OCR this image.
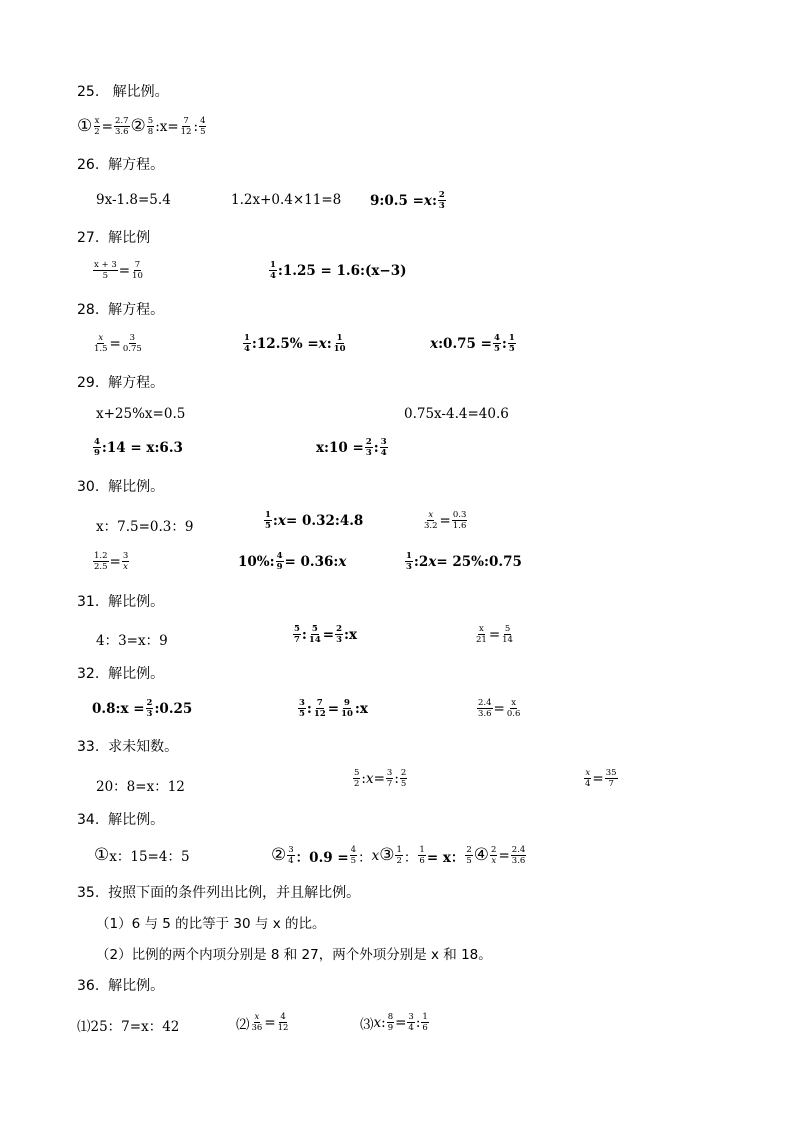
25. 解比例。
① $\frac{x}{2} = \frac{2.7}{3.6}$ ② $\frac{5}{8}$ :x = $\frac{7}{12}$ : $\frac{4}{5}$
26. 解方程。
9x-1.8=5.4	1.2x+0.4×11=8 9:0.5 = x : $\frac{2}{3}$
27. 解比例
$\frac{x + 3}{5} = \frac{7}{10}$	$\frac{1}{4}$ :1.25 = 1.6:(x−3)
28. 解方程。
$\frac{x}{1.5} = \frac{3}{0.75}$	$\frac{1}{4}$ :12.5% = x : $\frac{1}{10}$	x :0.75 = $\frac{4}{5}$ : $\frac{1}{5}$
29. 解方程。
x+25%x=0.5	0.75x-4.4=40.6
$\frac{4}{9}$ :14 = x:6.3	x:10 = $\frac{2}{3}$ : $\frac{3}{4}$
30. 解比例。
x：7.5=0.3：9	$\frac{1}{5}$ : x = 0.32:4.8	$\frac{x}{3.2} = \frac{0.3}{1.6}$
$\frac{1.2}{2.5} = \frac{3}{x}$	10%: $\frac{4}{9} = 0.36$: x	$\frac{1}{3}$ :2 x = 25%:0.75
31. 解比例。
4：3=x：9	$\frac{5}{7}$ : $\frac{5}{14} = \frac{2}{3}$ :x	$\frac{x}{21} = \frac{5}{14}$
32. 解比例。
0.8:x = $\frac{2}{3}$ :0.25	$\frac{3}{5}$ : $\frac{7}{12} = \frac{9}{10}$ :x	$\frac{2.4}{3.6} = \frac{x}{0.6}$
33. 求未知数。
20：8=x：12	$\frac{5}{2}$ : $x = \frac{3}{7}$ : $\frac{2}{5}$	$\frac{x}{4} = \frac{35}{7}$
34. 解比例。
① x：15=4：5	② $\frac{3}{4}$ ：$0.9 = \frac{4}{5}$ ： x ③ $\frac{1}{2}$ ： $\frac{1}{6} = x$： $\frac{2}{5}$ ④ $\frac{2}{x} = \frac{2.4}{3.6}$
35. 按照下面的条件列出比例，并且解比例。
（1）6 与 5 的比等于 30 与 x 的比。
（2）比例的两个内项分别是 8 和 27，两个外项分别是 x 和 18。
36. 解比例。
⑴ 25：7=x：42	⑵ $\frac{x}{36} = \frac{4}{12}$	⑶ x : $\frac{8}{9} = \frac{3}{4}$ : $\frac{1}{6}$
